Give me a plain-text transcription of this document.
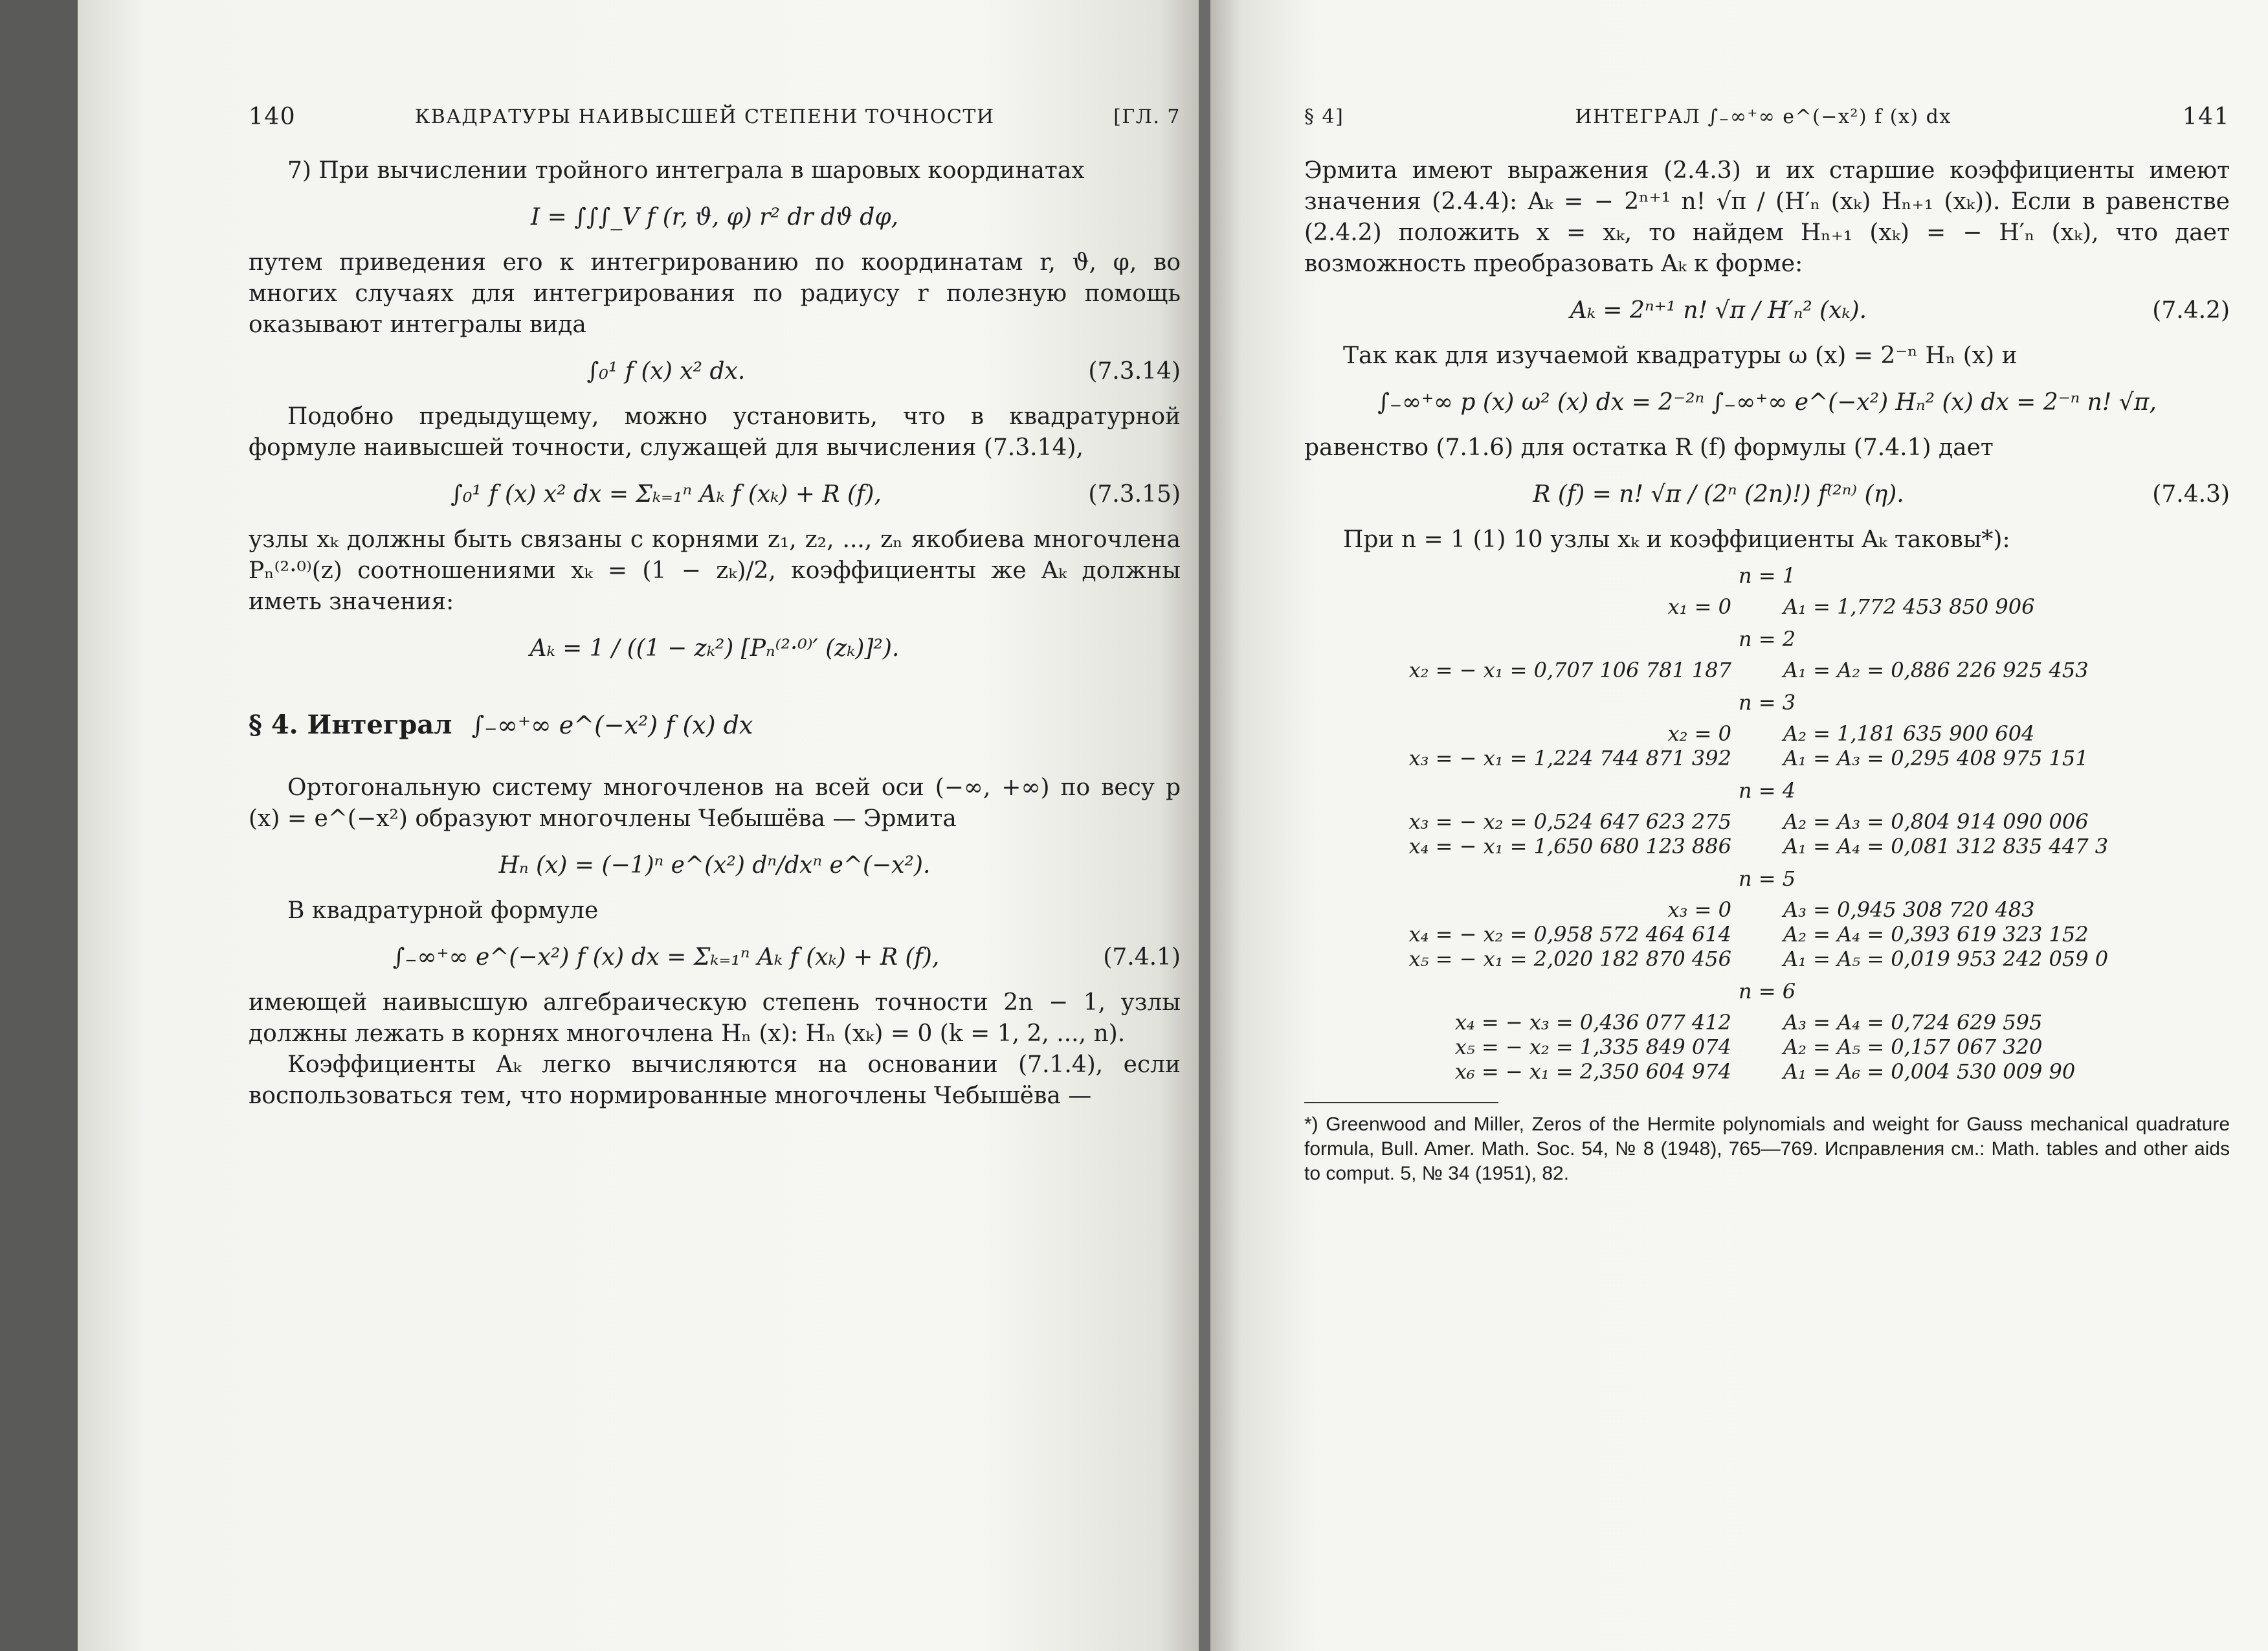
140	КВАДРАТУРЫ НАИВЫСШЕЙ СТЕПЕНИ ТОЧНОСТИ	[ГЛ. 7

7) При вычислении тройного интеграла в шаровых координатах

I = ∫∫∫_V f (r, ϑ, φ) r² dr dϑ dφ,

путем приведения его к интегрированию по координатам r, ϑ, φ, во многих случаях для интегрирования по радиусу r полезную помощь оказывают интегралы вида

∫₀¹ f (x) x² dx.	(7.3.14)

Подобно предыдущему, можно установить, что в квадратурной формуле наивысшей точности, служащей для вычисления (7.3.14),

∫₀¹ f (x) x² dx = Σₖ₌₁ⁿ Aₖ f (xₖ) + R (f),	(7.3.15)

узлы xₖ должны быть связаны с корнями z₁, z₂, ..., zₙ якобиева многочлена Pₙ⁽²·⁰⁾(z) соотношениями xₖ = (1 − zₖ)/2, коэффициенты же Aₖ должны иметь значения:

Aₖ = 1 / ((1 − zₖ²) [Pₙ⁽²·⁰⁾′ (zₖ)]²).
§ 4. Интеграл ∫₋∞⁺∞ e^(−x²) f (x) dx

Ортогональную систему многочленов на всей оси (−∞, +∞) по весу p (x) = e^(−x²) образуют многочлены Чебышёва — Эрмита

Hₙ (x) = (−1)ⁿ e^(x²) dⁿ/dxⁿ e^(−x²).

В квадратурной формуле

∫₋∞⁺∞ e^(−x²) f (x) dx = Σₖ₌₁ⁿ Aₖ f (xₖ) + R (f),	(7.4.1)

имеющей наивысшую алгебраическую степень точности 2n − 1, узлы должны лежать в корнях многочлена Hₙ (x): Hₙ (xₖ) = 0 (k = 1, 2, ..., n).

Коэффициенты Aₖ легко вычисляются на основании (7.1.4), если воспользоваться тем, что нормированные многочлены Чебышёва —

§ 4]	ИНТЕГРАЛ ∫₋∞⁺∞ e^(−x²) f (x) dx	141

Эрмита имеют выражения (2.4.3) и их старшие коэффициенты имеют значения (2.4.4): Aₖ = − 2ⁿ⁺¹ n! √π / (H′ₙ (xₖ) Hₙ₊₁ (xₖ)). Если в равенстве (2.4.2) положить x = xₖ, то найдем Hₙ₊₁ (xₖ) = − H′ₙ (xₖ), что дает возможность преобразовать Aₖ к форме:

Aₖ = 2ⁿ⁺¹ n! √π / H′ₙ² (xₖ).	(7.4.2)

Так как для изучаемой квадратуры ω (x) = 2⁻ⁿ Hₙ (x) и

∫₋∞⁺∞ p (x) ω² (x) dx = 2⁻²ⁿ ∫₋∞⁺∞ e^(−x²) Hₙ² (x) dx = 2⁻ⁿ n! √π,

равенство (7.1.6) для остатка R (f) формулы (7.4.1) дает

R (f) = n! √π / (2ⁿ (2n)!) f⁽²ⁿ⁾ (η).	(7.4.3)

При n = 1 (1) 10 узлы xₖ и коэффициенты Aₖ таковы*):

n = 1
x₁ = 0	A₁ = 1,772 453 850 906
n = 2
x₂ = − x₁ = 0,707 106 781 187	A₁ = A₂ = 0,886 226 925 453
n = 3
x₂ = 0	A₂ = 1,181 635 900 604
x₃ = − x₁ = 1,224 744 871 392	A₁ = A₃ = 0,295 408 975 151
n = 4
x₃ = − x₂ = 0,524 647 623 275	A₂ = A₃ = 0,804 914 090 006
x₄ = − x₁ = 1,650 680 123 886	A₁ = A₄ = 0,081 312 835 447 3
n = 5
x₃ = 0	A₃ = 0,945 308 720 483
x₄ = − x₂ = 0,958 572 464 614	A₂ = A₄ = 0,393 619 323 152
x₅ = − x₁ = 2,020 182 870 456	A₁ = A₅ = 0,019 953 242 059 0
n = 6
x₄ = − x₃ = 0,436 077 412	A₃ = A₄ = 0,724 629 595
x₅ = − x₂ = 1,335 849 074	A₂ = A₅ = 0,157 067 320
x₆ = − x₁ = 2,350 604 974	A₁ = A₆ = 0,004 530 009 90

*) Greenwood and Miller, Zeros of the Hermite polynomials and weight for Gauss mechanical quadrature formula, Bull. Amer. Math. Soc. 54, № 8 (1948), 765—769. Исправления см.: Math. tables and other aids to comput. 5, № 34 (1951), 82.
